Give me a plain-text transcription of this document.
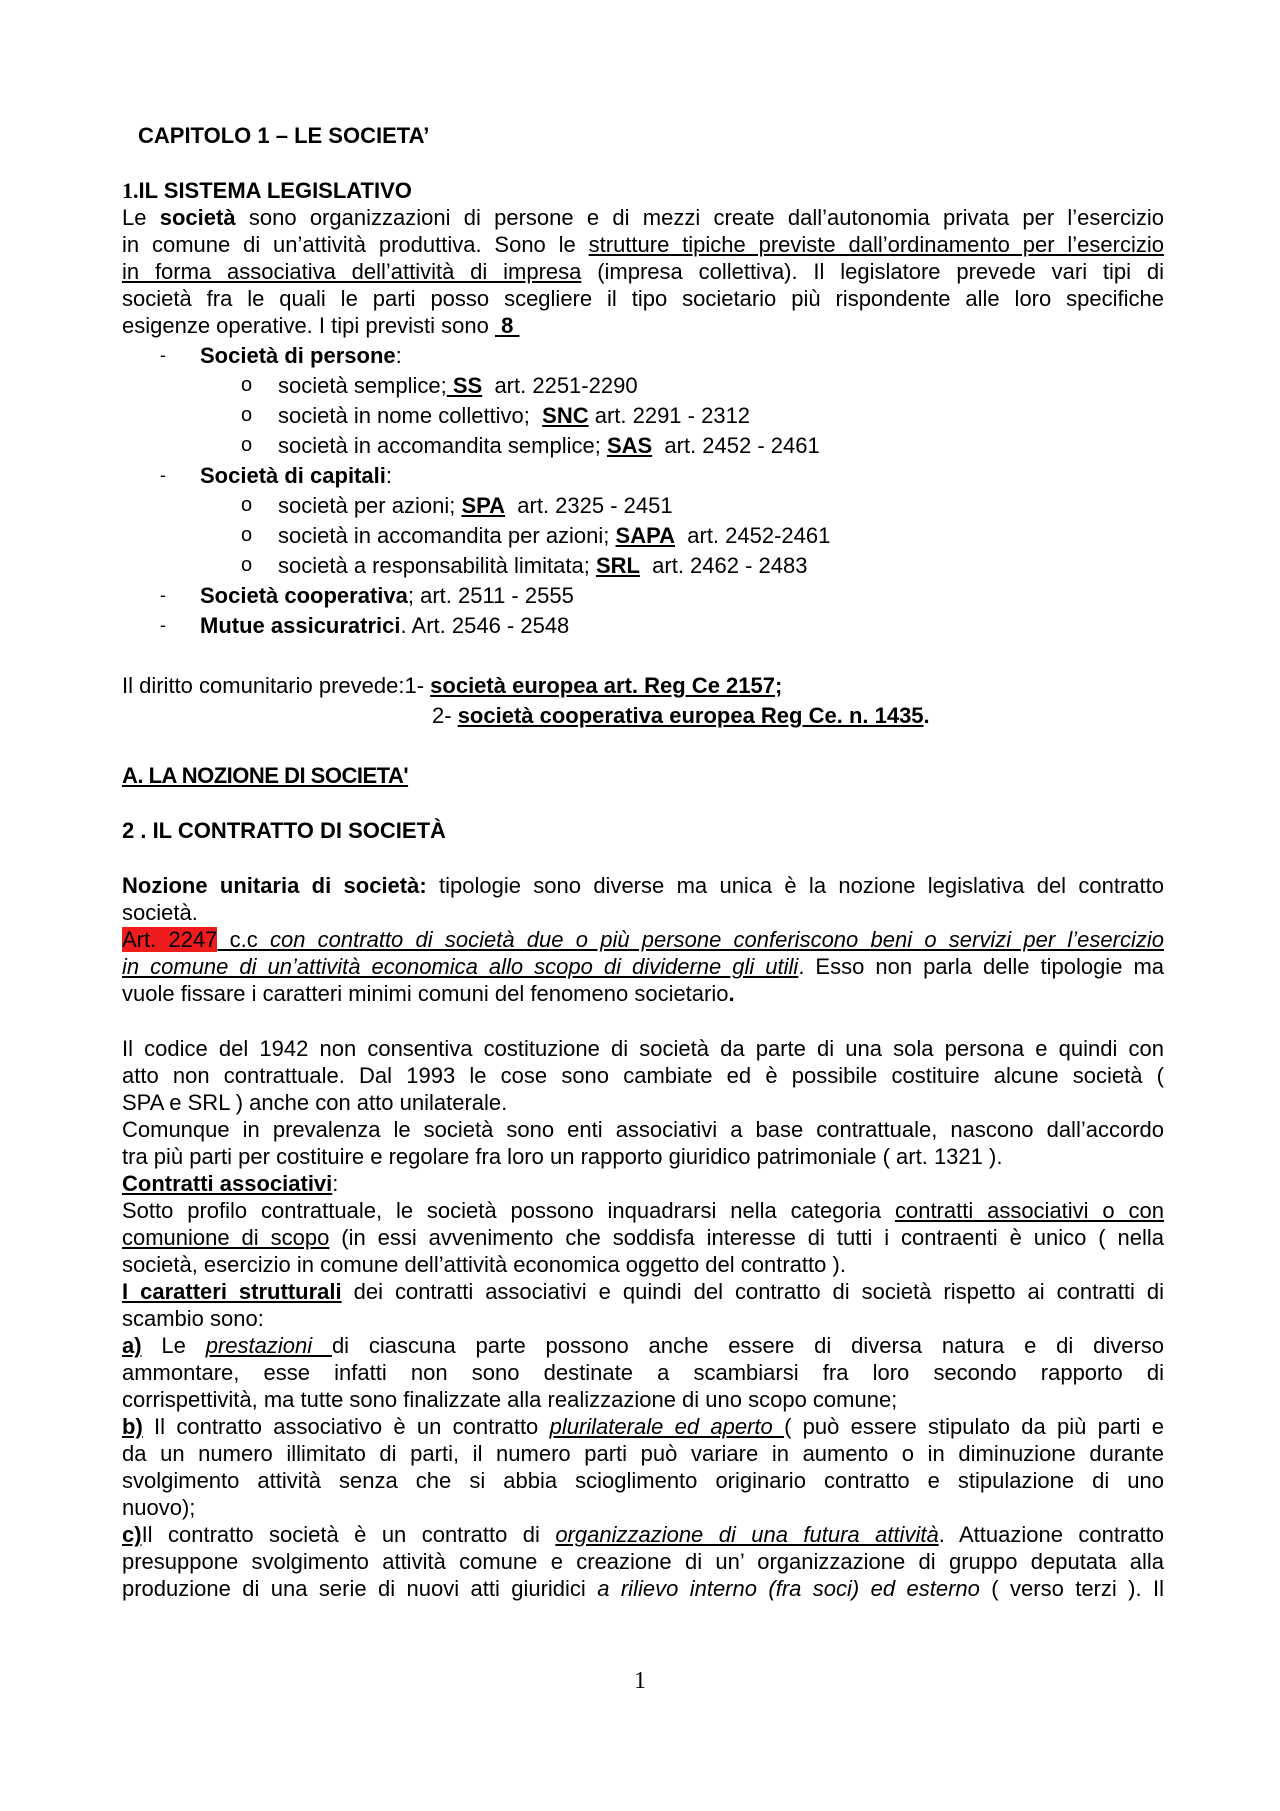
CAPITOLO 1 – LE SOCIETA’
1.IL SISTEMA LEGISLATIVO
Le società sono organizzazioni di persone e di mezzi create dall’autonomia privata per l’esercizio
in comune di un’attività produttiva. Sono le strutture tipiche previste dall’ordinamento per l’esercizio
in forma associativa dell’attività di impresa (impresa collettiva). Il legislatore prevede vari tipi di
società fra le quali le parti posso scegliere il tipo societario più rispondente alle loro specifiche
esigenze operative. I tipi previsti sono  8
- Società di persone:
o società semplice; SS  art. 2251-2290
o società in nome collettivo;  SNC art. 2291 - 2312
o società in accomandita semplice; SAS  art. 2452 - 2461
- Società di capitali:
o società per azioni; SPA  art. 2325 - 2451
o società in accomandita per azioni; SAPA  art. 2452-2461
o società a responsabilità limitata; SRL  art. 2462 - 2483
- Società cooperativa; art. 2511 - 2555
- Mutue assicuratrici. Art. 2546 - 2548
Il diritto comunitario prevede:1- società europea art. Reg Ce 2157;
2- società cooperativa europea Reg Ce. n. 1435.
A. LA NOZIONE DI SOCIETA'
2 . IL CONTRATTO DI SOCIETÀ
Nozione unitaria di società: tipologie sono diverse ma unica è la nozione legislativa del contratto
società.
Art. 2247 c.c con contratto di società due o più persone conferiscono beni o servizi per l’esercizio
in comune di un’attività economica allo scopo di dividerne gli utili. Esso non parla delle tipologie ma
vuole fissare i caratteri minimi comuni del fenomeno societario.
Il codice del 1942 non consentiva costituzione di società da parte di una sola persona e quindi con
atto non contrattuale. Dal 1993 le cose sono cambiate ed è possibile costituire alcune società (
SPA e SRL ) anche con atto unilaterale.
Comunque in prevalenza le società sono enti associativi a base contrattuale, nascono dall’accordo
tra più parti per costituire e regolare fra loro un rapporto giuridico patrimoniale ( art. 1321 ).
Contratti associativi:
Sotto profilo contrattuale, le società possono inquadrarsi nella categoria contratti associativi o con
comunione di scopo (in essi avvenimento che soddisfa interesse di tutti i contraenti è unico ( nella
società, esercizio in comune dell’attività economica oggetto del contratto ).
I caratteri strutturali dei contratti associativi e quindi del contratto di società rispetto ai contratti di
scambio sono:
a) Le prestazioni di ciascuna parte possono anche essere di diversa natura e di diverso
ammontare, esse infatti non sono destinate a scambiarsi fra loro secondo rapporto di
corrispettività, ma tutte sono finalizzate alla realizzazione di uno scopo comune;
b) Il contratto associativo è un contratto plurilaterale ed aperto ( può essere stipulato da più parti e
da un numero illimitato di parti, il numero parti può variare in aumento o in diminuzione durante
svolgimento attività senza che si abbia scioglimento originario contratto e stipulazione di uno
nuovo);
c)Il contratto società è un contratto di organizzazione di una futura attività. Attuazione contratto
presuppone svolgimento attività comune e creazione di un’ organizzazione di gruppo deputata alla
produzione di una serie di nuovi atti giuridici a rilievo interno (fra soci) ed esterno ( verso terzi ). Il
1
